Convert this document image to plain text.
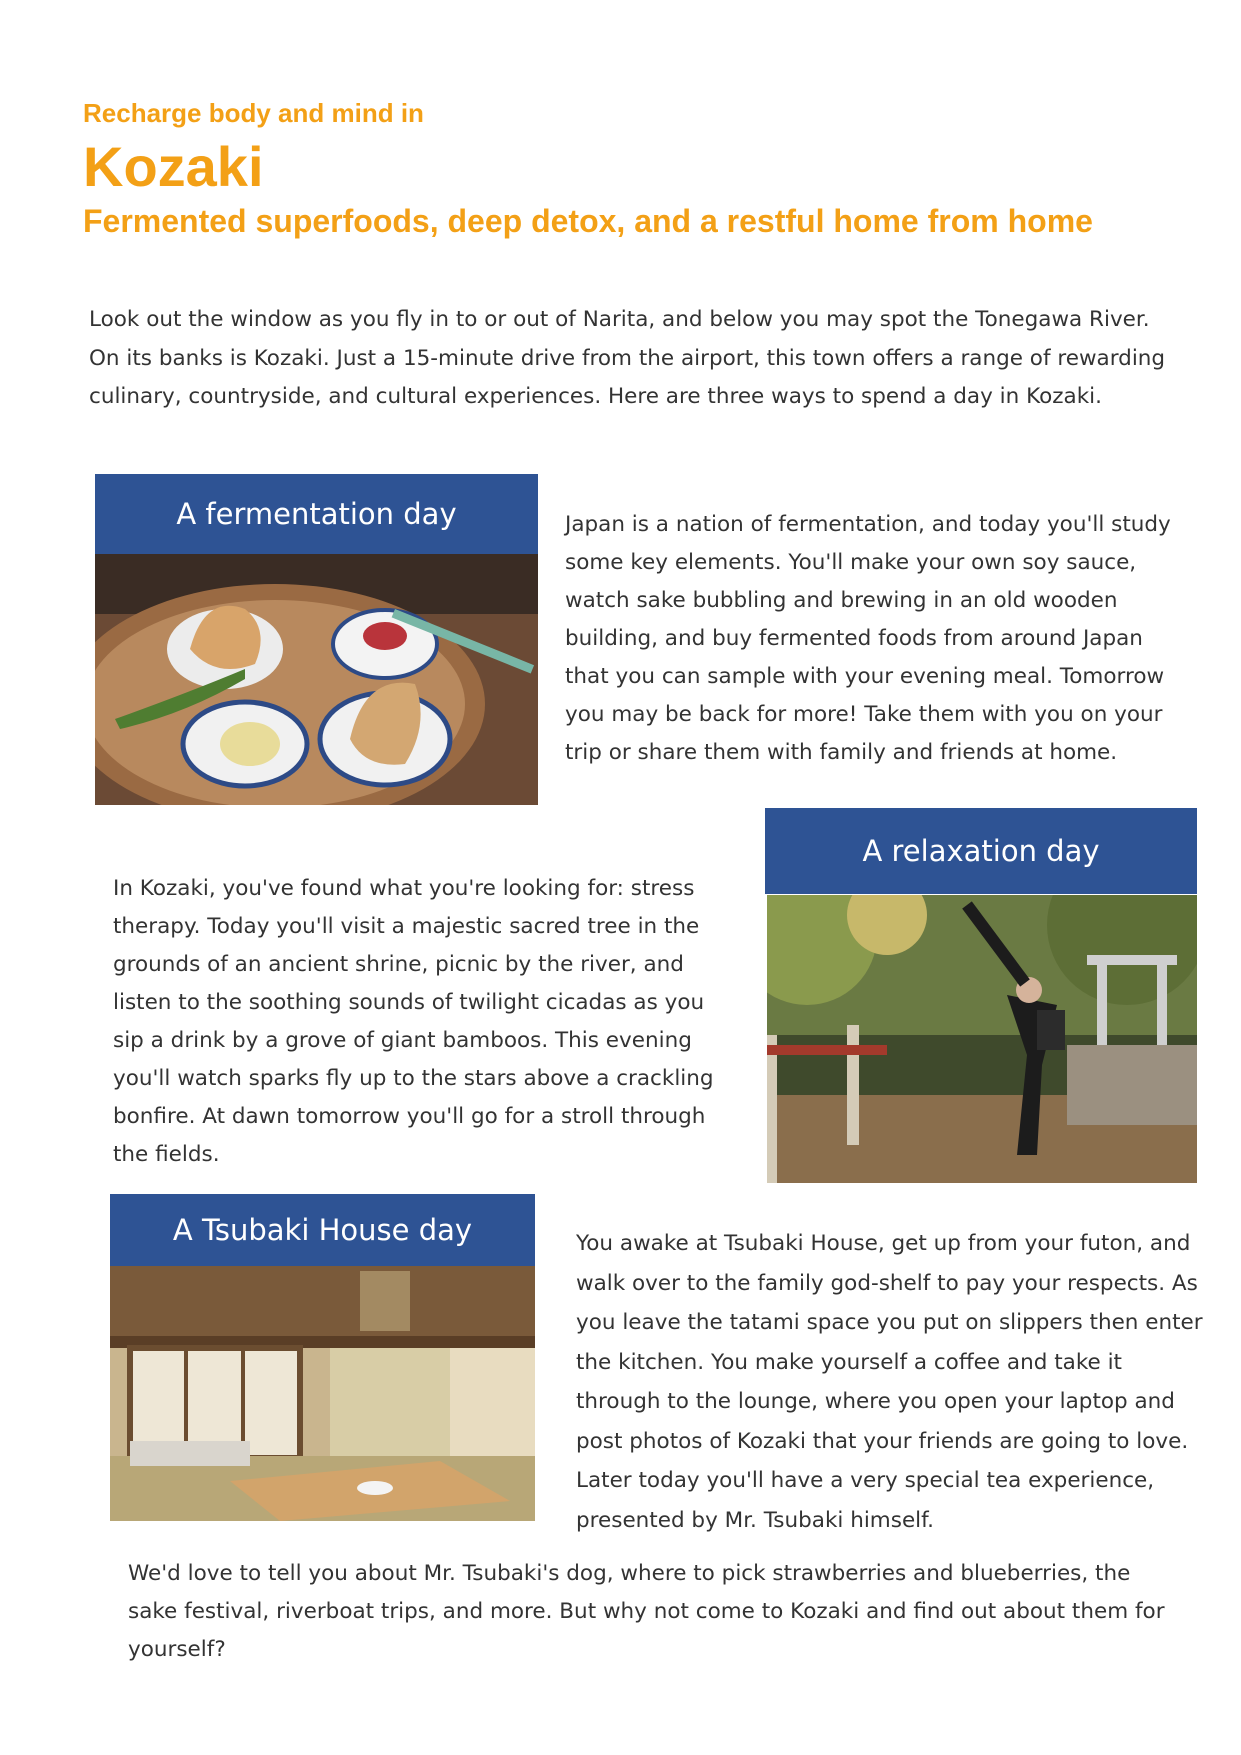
Recharge body and mind in
Kozaki
Fermented superfoods, deep detox, and a restful home from home

Look out the window as you fly in to or out of Narita, and below you may spot the Tonegawa River. On its banks is Kozaki. Just a 15-minute drive from the airport, this town offers a range of rewarding culinary, countryside, and cultural experiences. Here are three ways to spend a day in Kozaki.

A fermentation day	Japan is a nation of fermentation, and today you'll study some key elements. You'll make your own soy sauce, watch sake bubbling and brewing in an old wooden building, and buy fermented foods from around Japan that you can sample with your evening meal. Tomorrow you may be back for more! Take them with you on your trip or share them with family and friends at home.

A relaxation day

In Kozaki, you've found what you're looking for: stress therapy. Today you'll visit a majestic sacred tree in the grounds of an ancient shrine, picnic by the river, and listen to the soothing sounds of twilight cicadas as you sip a drink by a grove of giant bamboos. This evening you'll watch sparks fly up to the stars above a crackling bonfire. At dawn tomorrow you'll go for a stroll through the fields.

A Tsubaki House day	You awake at Tsubaki House, get up from your futon, and walk over to the family god-shelf to pay your respects. As you leave the tatami space you put on slippers then enter the kitchen. You make yourself a coffee and take it through to the lounge, where you open your laptop and post photos of Kozaki that your friends are going to love. Later today you'll have a very special tea experience, presented by Mr. Tsubaki himself.

We'd love to tell you about Mr. Tsubaki's dog, where to pick strawberries and blueberries, the sake festival, riverboat trips, and more. But why not come to Kozaki and find out about them for yourself?
